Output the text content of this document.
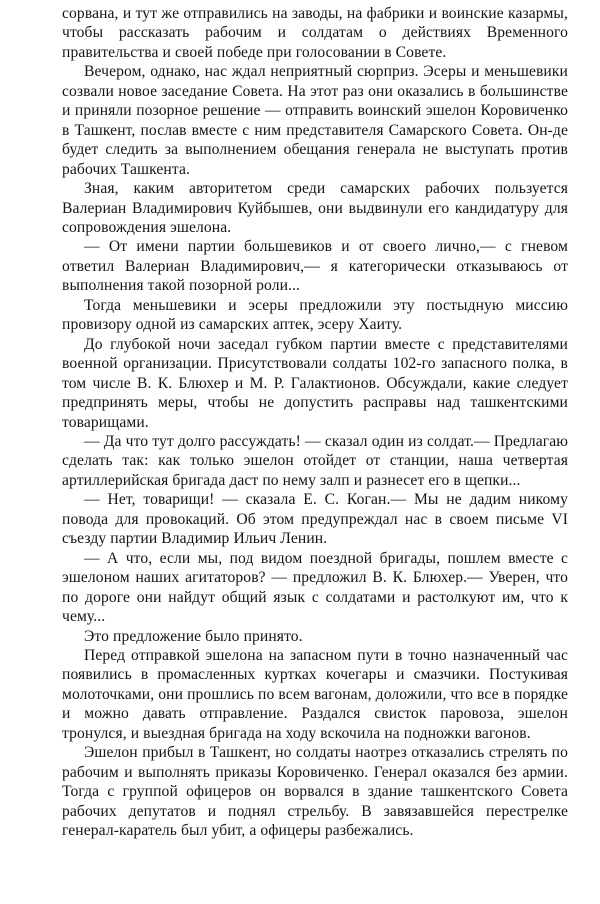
сорвана, и тут же отправились на заводы, на фабрики и воинские казармы, чтобы рассказать рабочим и солдатам о действиях Временного правительства и своей победе при голосовании в Совете.

Вечером, однако, нас ждал неприятный сюрприз. Эсеры и меньшевики созвали новое заседание Совета. На этот раз они оказались в большинстве и приняли позорное решение — отправить воинский эшелон Коровиченко в Ташкент, послав вместе с ним представителя Самарского Совета. Он-де будет следить за выполнением обещания генерала не выступать против рабочих Ташкента.

Зная, каким авторитетом среди самарских рабочих пользуется Валериан Владимирович Куйбышев, они выдвинули его кандидатуру для сопровождения эшелона.

— От имени партии большевиков и от своего лично,— с гневом ответил Валериан Владимирович,— я категорически отказываюсь от выполнения такой позорной роли...

Тогда меньшевики и эсеры предложили эту постыдную миссию провизору одной из самарских аптек, эсеру Хаиту.

До глубокой ночи заседал губком партии вместе с представителями военной организации. Присутствовали солдаты 102-го запасного полка, в том числе В. К. Блюхер и М. Р. Галактионов. Обсуждали, какие следует предпринять меры, чтобы не допустить расправы над ташкентскими товарищами.

— Да что тут долго рассуждать! — сказал один из солдат.— Предлагаю сделать так: как только эшелон отойдет от станции, наша четвертая артиллерийская бригада даст по нему залп и разнесет его в щепки...

— Нет, товарищи! — сказала Е. С. Коган.— Мы не дадим никому повода для провокаций. Об этом предупреждал нас в своем письме VI съезду партии Владимир Ильич Ленин.

— А что, если мы, под видом поездной бригады, пошлем вместе с эшелоном наших агитаторов? — предложил В. К. Блюхер.— Уверен, что по дороге они найдут общий язык с солдатами и растолкуют им, что к чему...

Это предложение было принято.

Перед отправкой эшелона на запасном пути в точно назначенный час появились в промасленных куртках кочегары и смазчики. Постукивая молоточками, они прошлись по всем вагонам, доложили, что все в порядке и можно давать отправление. Раздался свисток паровоза, эшелон тронулся, и выездная бригада на ходу вскочила на подножки вагонов.

Эшелон прибыл в Ташкент, но солдаты наотрез отказались стрелять по рабочим и выполнять приказы Коровиченко. Генерал оказался без армии. Тогда с группой офицеров он ворвался в здание ташкентского Совета рабочих депутатов и поднял стрельбу. В завязавшейся перестрелке генерал-каратель был убит, а офицеры разбежались.
